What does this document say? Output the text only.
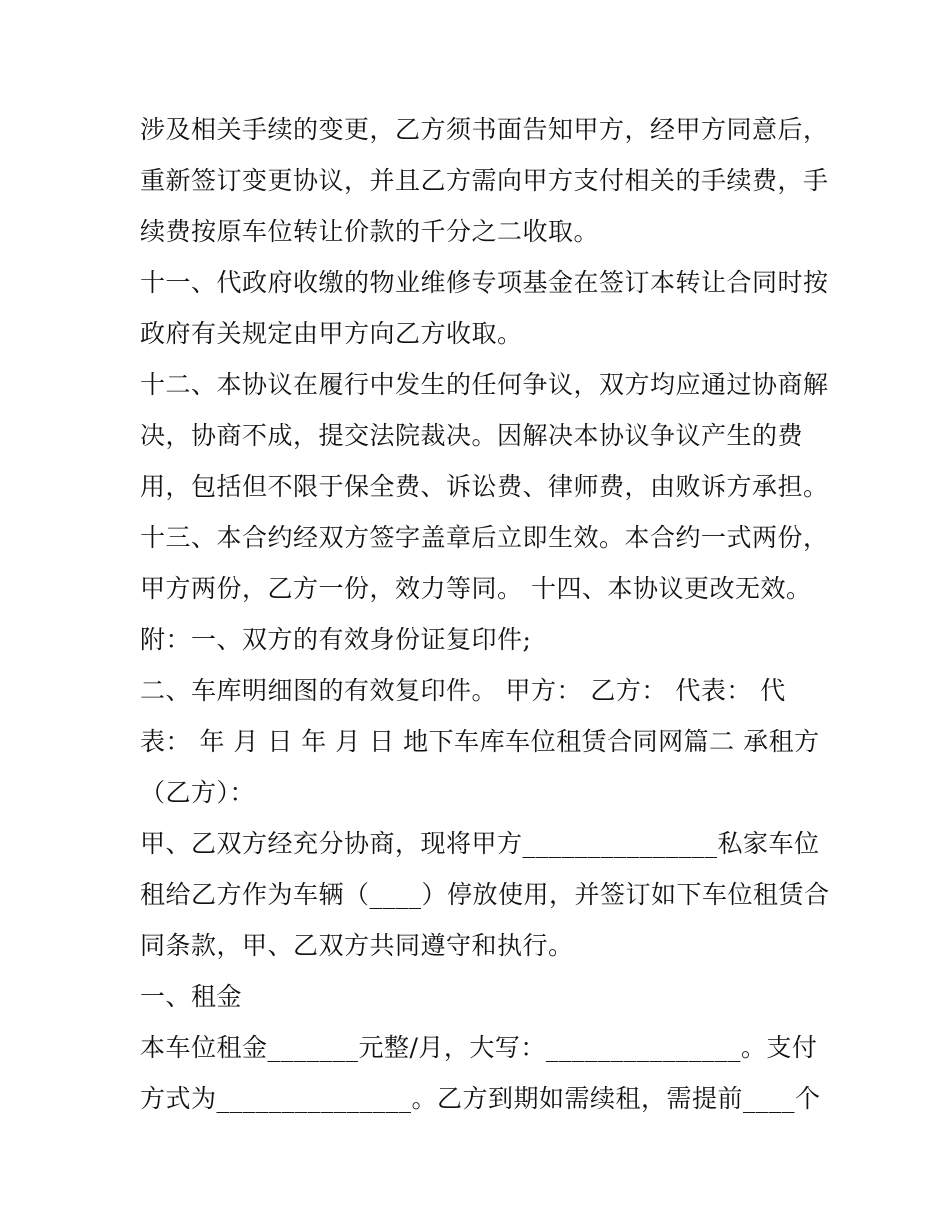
涉及相关手续的变更，乙方须书面告知甲方，经甲方同意后，
重新签订变更协议，并且乙方需向甲方支付相关的手续费，手
续费按原车位转让价款的千分之二收取。
十一、代政府收缴的物业维修专项基金在签订本转让合同时按
政府有关规定由甲方向乙方收取。
十二、本协议在履行中发生的任何争议，双方均应通过协商解
决，协商不成，提交法院裁决。因解决本协议争议产生的费
用，包括但不限于保全费、诉讼费、律师费，由败诉方承担。
十三、本合约经双方签字盖章后立即生效。本合约一式两份，
甲方两份，乙方一份，效力等同。 十四、本协议更改无效。
附：一、双方的有效身份证复印件;
二、车库明细图的有效复印件。 甲方： 乙方： 代表： 代
表： 年 月 日 年 月 日 地下车库车位租赁合同网篇二 承租方
（乙方）：
甲、乙双方经充分协商，现将甲方_______________私家车位
租给乙方作为车辆（____）停放使用，并签订如下车位租赁合
同条款，甲、乙双方共同遵守和执行。
一、租金
本车位租金_______元整/月，大写：_______________。支付
方式为_______________。乙方到期如需续租，需提前____个
